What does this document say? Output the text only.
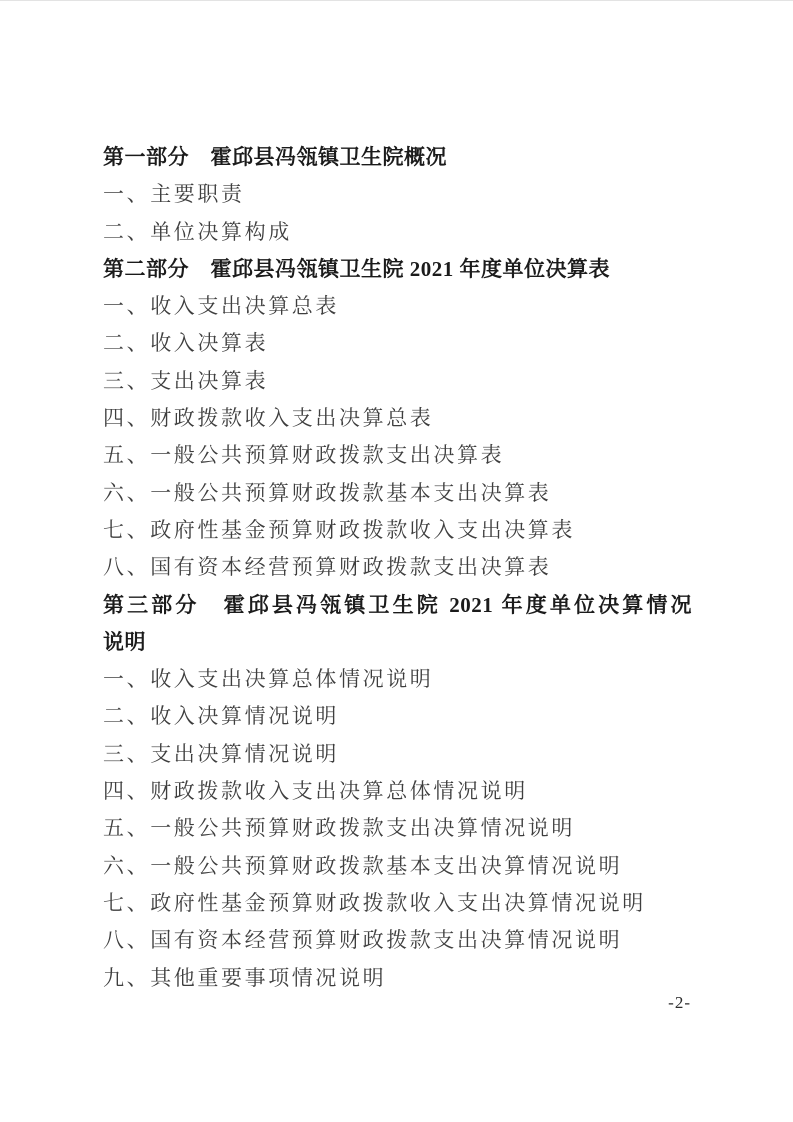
第一部分　霍邱县冯瓴镇卫生院概况
一、主要职责
二、单位决算构成
第二部分　霍邱县冯瓴镇卫生院 2021 年度单位决算表
一、收入支出决算总表
二、收入决算表
三、支出决算表
四、财政拨款收入支出决算总表
五、一般公共预算财政拨款支出决算表
六、一般公共预算财政拨款基本支出决算表
七、政府性基金预算财政拨款收入支出决算表
八、国有资本经营预算财政拨款支出决算表
第三部分　霍邱县冯瓴镇卫生院 2021 年度单位决算情况
说明
一、收入支出决算总体情况说明
二、收入决算情况说明
三、支出决算情况说明
四、财政拨款收入支出决算总体情况说明
五、一般公共预算财政拨款支出决算情况说明
六、一般公共预算财政拨款基本支出决算情况说明
七、政府性基金预算财政拨款收入支出决算情况说明
八、国有资本经营预算财政拨款支出决算情况说明
九、其他重要事项情况说明
-2-
